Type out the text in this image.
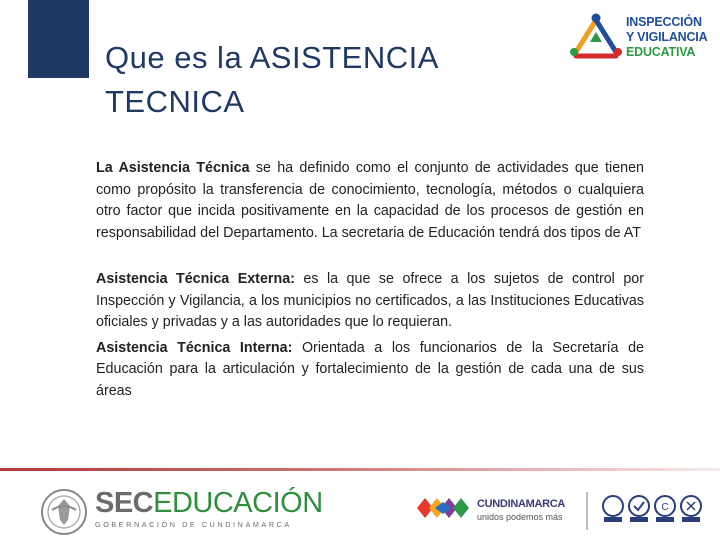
Que es la ASISTENCIA
TECNICA
INSPECCIÓN
Y VIGILANCIA
EDUCATIVA

La Asistencia Técnica se ha definido como el conjunto de actividades que tienen como propósito la transferencia de conocimiento, tecnología, métodos o cualquiera otro factor que incida positivamente en la capacidad de los procesos de gestión en responsabilidad del Departamento. La secretaria de Educación tendrá dos tipos de AT

Asistencia Técnica Externa: es la que se ofrece a los sujetos de control por Inspección y Vigilancia, a los municipios no certificados, a las Instituciones Educativas oficiales y privadas y a las autoridades que lo requieran.

Asistencia Técnica Interna: Orientada a los funcionarios de la Secretaría de Educación para la articulación y fortalecimiento de la gestión de cada una de sus áreas

SECEDUCACIÓN
GOBERNACIÓN DE CUNDINAMARCA
CUNDINAMARCA
unidos podemos más
C
